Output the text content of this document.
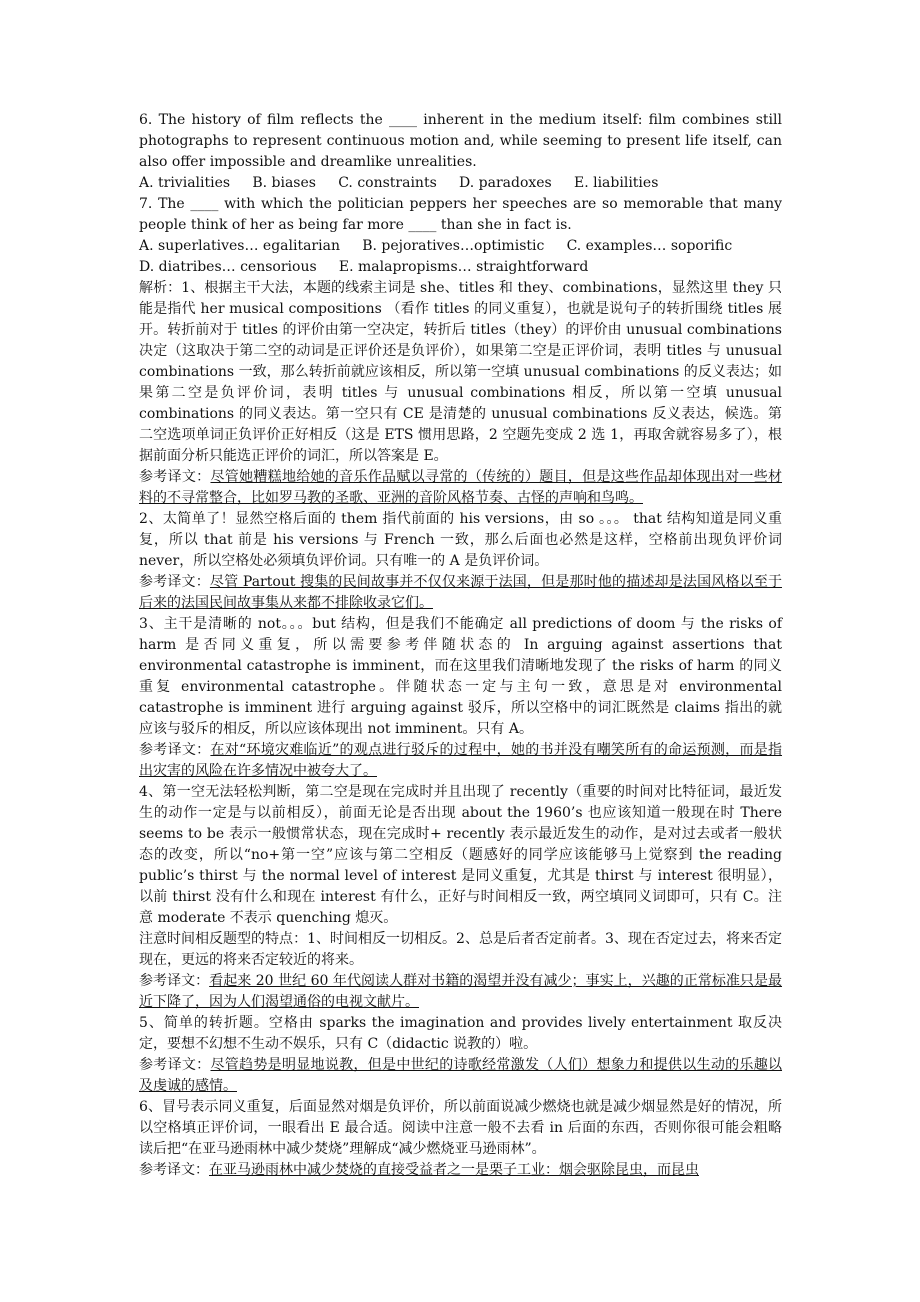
6. The history of film reflects the ____ inherent in the medium itself: film combines still photographs to represent continuous motion and, while seeming to present life itself, can also offer impossible and dreamlike unrealities.

A. trivialities     B. biases     C. constraints     D. paradoxes     E. liabilities

7. The ____ with which the politician peppers her speeches are so memorable that many people think of her as being far more ____ than she in fact is.

A. superlatives… egalitarian     B. pejoratives…optimistic     C. examples… soporific

D. diatribes… censorious     E. malapropisms… straightforward

解析：1、根据主干大法，本题的线索主词是 she、titles 和 they、combinations，显然这里 they 只能是指代 her musical compositions （看作 titles 的同义重复），也就是说句子的转折围绕 titles 展开。转折前对于 titles 的评价由第一空决定，转折后 titles（they）的评价由 unusual combinations 决定（这取决于第二空的动词是正评价还是负评价），如果第二空是正评价词，表明 titles 与 unusual combinations 一致，那么转折前就应该相反，所以第一空填 unusual combinations 的反义表达；如果第二空是负评价词，表明 titles 与 unusual combinations 相反，所以第一空填 unusual combinations 的同义表达。第一空只有 CE 是清楚的 unusual combinations 反义表达，候选。第二空选项单词正负评价正好相反（这是 ETS 惯用思路，2 空题先变成 2 选 1，再取舍就容易多了），根据前面分析只能选正评价的词汇，所以答案是 E。

参考译文：尽管她糟糕地给她的音乐作品赋以寻常的（传统的）题目，但是这些作品却体现出对一些材料的不寻常整合，比如罗马教的圣歌、亚洲的音阶风格节奏、古怪的声响和鸟鸣。

2、太简单了！显然空格后面的 them 指代前面的 his versions，由 so 。。。 that 结构知道是同义重复，所以 that 前是 his versions 与 French 一致，那么后面也必然是这样，空格前出现负评价词 never，所以空格处必须填负评价词。只有唯一的 A 是负评价词。

参考译文：尽管 Partout 搜集的民间故事并不仅仅来源于法国，但是那时他的描述却是法国风格以至于后来的法国民间故事集从来都不排除收录它们。

3、主干是清晰的 not。。。but 结构，但是我们不能确定 all predictions of doom 与 the risks of harm 是否同义重复，所以需要参考伴随状态的 In arguing against assertions that environmental catastrophe is imminent，而在这里我们清晰地发现了 the risks of harm 的同义重复 environmental catastrophe。伴随状态一定与主句一致，意思是对 environmental catastrophe is imminent 进行 arguing against 驳斥，所以空格中的词汇既然是 claims 指出的就应该与驳斥的相反，所以应该体现出 not imminent。只有 A。

参考译文：在对“环境灾难临近”的观点进行驳斥的过程中，她的书并没有嘲笑所有的命运预测，而是指出灾害的风险在许多情况中被夸大了。

4、第一空无法轻松判断，第二空是现在完成时并且出现了 recently（重要的时间对比特征词，最近发生的动作一定是与以前相反），前面无论是否出现 about the 1960’s 也应该知道一般现在时 There seems to be 表示一般惯常状态，现在完成时+ recently 表示最近发生的动作，是对过去或者一般状态的改变，所以“no+第一空”应该与第二空相反（题感好的同学应该能够马上觉察到 the reading public’s thirst 与 the normal level of interest 是同义重复，尤其是 thirst 与 interest 很明显），以前 thirst 没有什么和现在 interest 有什么，正好与时间相反一致，两空填同义词即可，只有 C。注意 moderate 不表示 quenching 熄灭。

注意时间相反题型的特点：1、时间相反一切相反。2、总是后者否定前者。3、现在否定过去，将来否定现在，更远的将来否定较近的将来。

参考译文：看起来 20 世纪 60 年代阅读人群对书籍的渴望并没有减少；事实上，兴趣的正常标准只是最近下降了，因为人们渴望通俗的电视文献片。

5、简单的转折题。空格由 sparks the imagination and provides lively entertainment 取反决定，要想不幻想不生动不娱乐，只有 C（didactic 说教的）啦。

参考译文：尽管趋势是明显地说教，但是中世纪的诗歌经常激发（人们）想象力和提供以生动的乐趣以及虔诚的感情。

6、冒号表示同义重复，后面显然对烟是负评价，所以前面说减少燃烧也就是减少烟显然是好的情况，所以空格填正评价词，一眼看出 E 最合适。阅读中注意一般不去看 in 后面的东西，否则你很可能会粗略读后把“在亚马逊雨林中减少焚烧”理解成“减少燃烧亚马逊雨林”。

参考译文：在亚马逊雨林中减少焚烧的直接受益者之一是栗子工业：烟会驱除昆虫，而昆虫
